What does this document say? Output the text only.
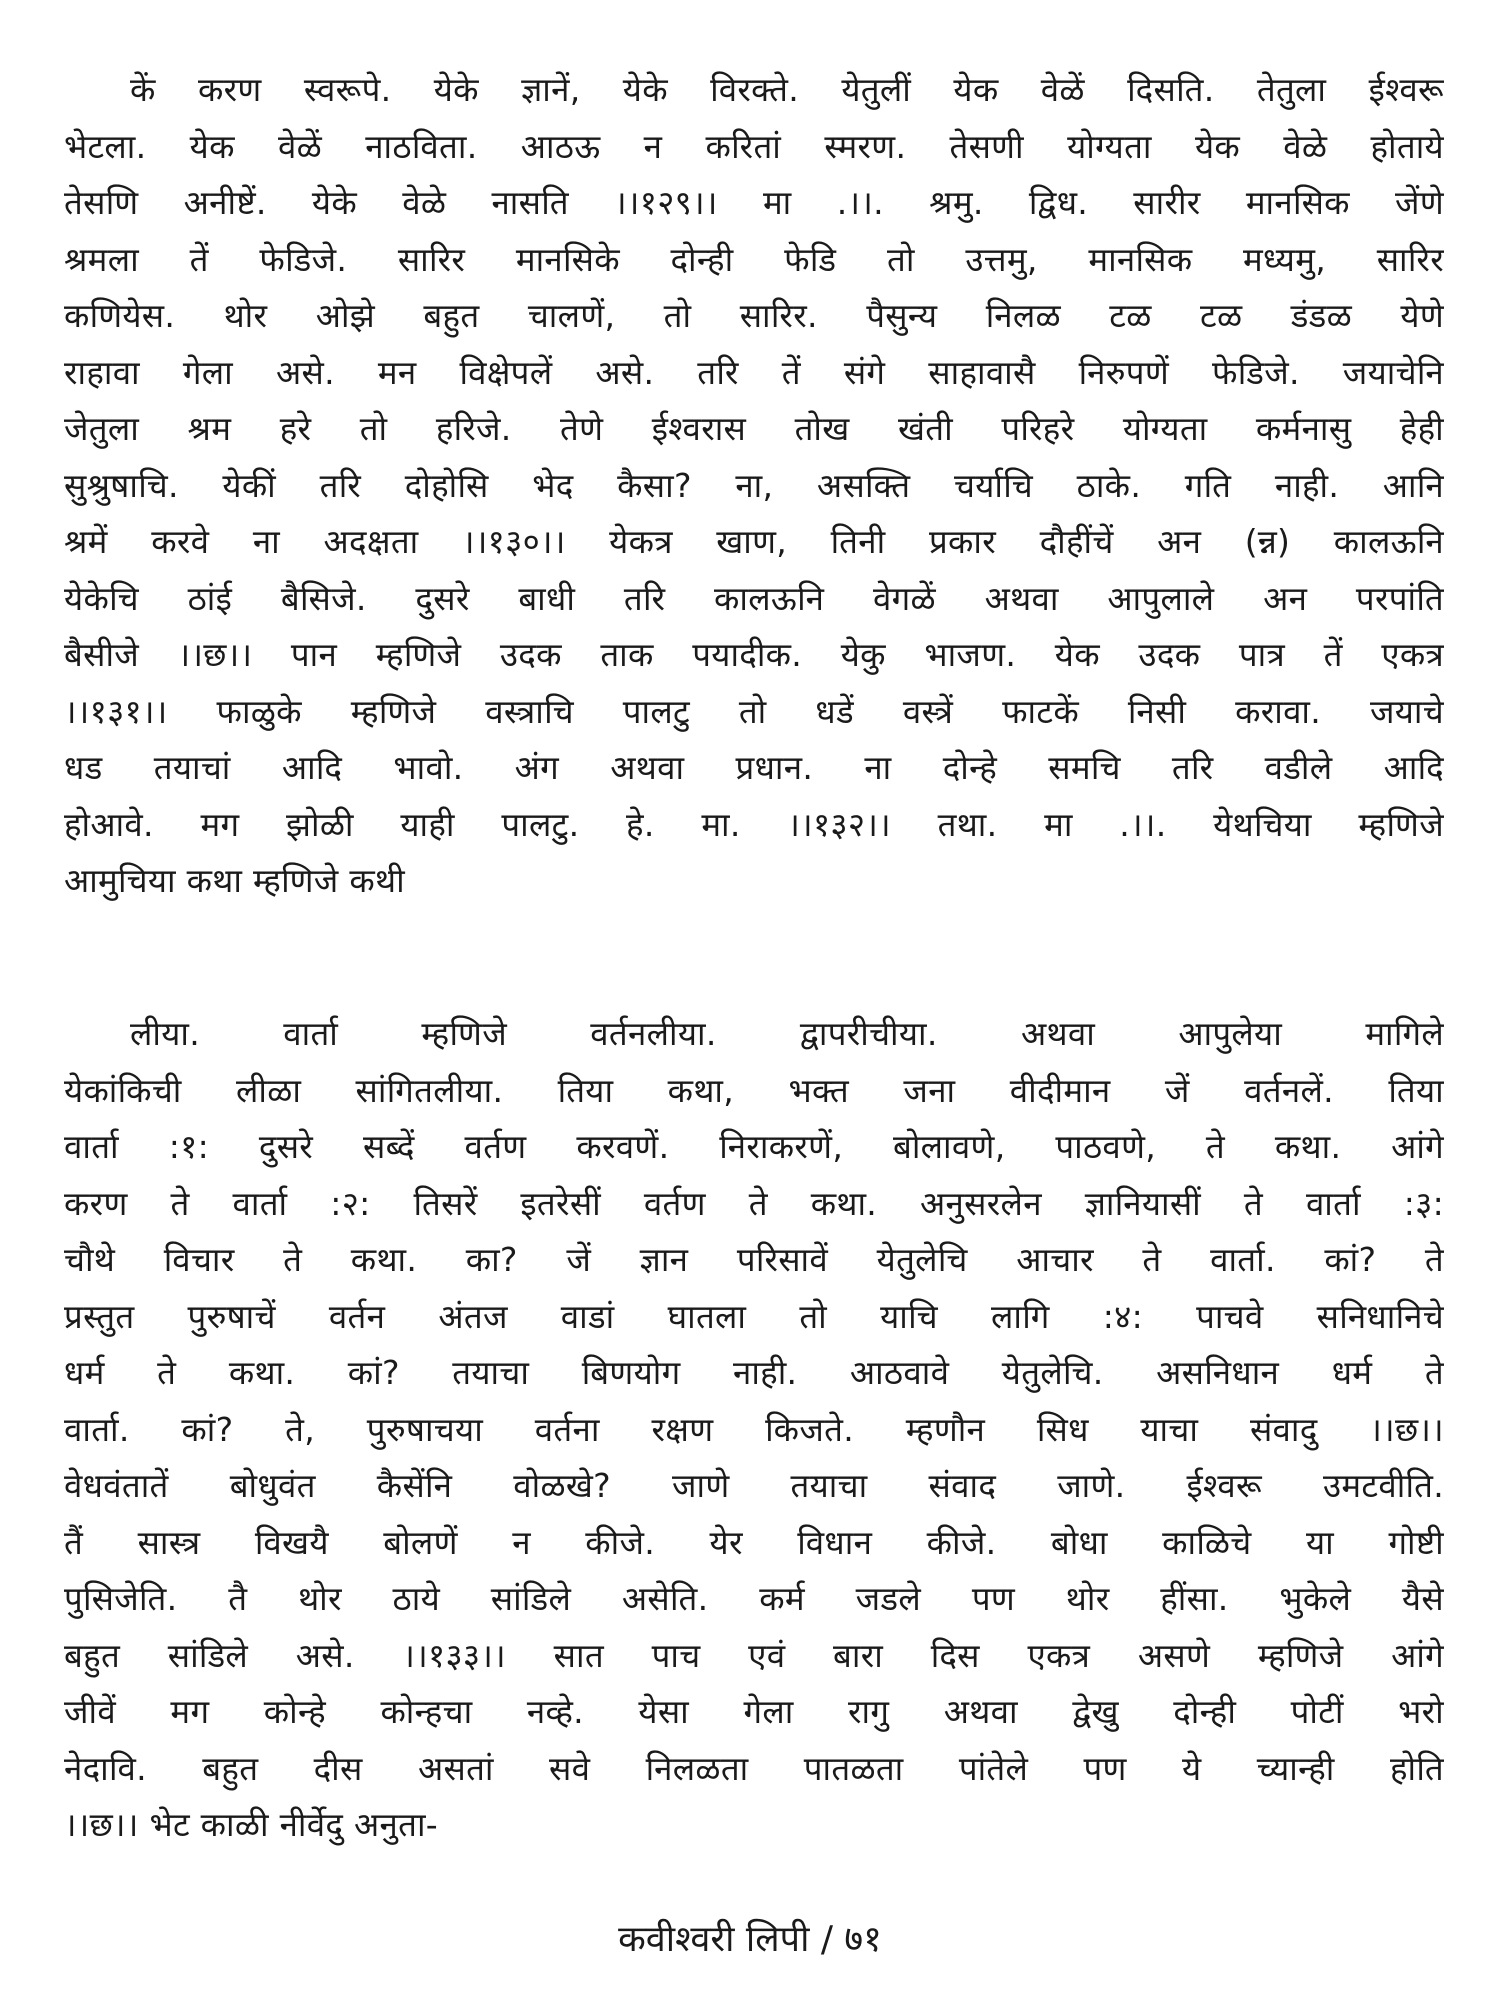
कें करण स्वरूपे. येके ज्ञानें, येके विरक्ते. येतुलीं येक वेळें दिसति. तेतुला ईश्वरू
भेटला. येक वेळें नाठविता. आठऊ न करितां स्मरण. तेसणी योग्यता येक वेळे होताये
तेसणि अनीष्टें. येके वेळे नासति ।।१२९।। मा .।।. श्रमु. द्विध. सारीर मानसिक जेंणे
श्रमला तें फेडिजे. सारिर मानसिके दोन्ही फेडि तो उत्तमु, मानसिक मध्यमु, सारिर
कणियेस. थोर ओझे बहुत चालणें, तो सारिर. पैसुन्य निलळ टळ टळ डंडळ येणे
राहावा गेला असे. मन विक्षेपलें असे. तरि तें संगे साहावासै निरुपणें फेडिजे. जयाचेनि
जेतुला श्रम हरे तो हरिजे. तेणे ईश्वरास तोख खंती परिहरे योग्यता कर्मनासु हेही
सुश्रुषाचि. येकीं तरि दोहोसि भेद कैसा? ना, असक्ति चर्याचि ठाके. गति नाही. आनि
श्रमें करवे ना अदक्षता ।।१३०।। येकत्र खाण, तिनी प्रकार दौहींचें अन (न्न) कालऊनि
येकेचि ठांई बैसिजे. दुसरे बाधी तरि कालऊनि वेगळें अथवा आपुलाले अन परपांति
बैसीजे ।।छ।। पान म्हणिजे उदक ताक पयादीक. येकु भाजण. येक उदक पात्र तें एकत्र
।।१३१।। फाळुके म्हणिजे वस्त्राचि पालटु तो धडें वस्त्रें फाटकें निसी करावा. जयाचे
धड तयाचां आदि भावो. अंग अथवा प्रधान. ना दोन्हे समचि तरि वडीले आदि
होआवे. मग झोळी याही पालटु. हे. मा. ।।१३२।। तथा. मा .।।. येथचिया म्हणिजे
आमुचिया कथा म्हणिजे कथी
लीया. वार्ता म्हणिजे वर्तनलीया. द्वापरीचीया. अथवा आपुलेया मागिले
येकांकिची लीळा सांगितलीया. तिया कथा, भक्त जना वीदीमान जें वर्तनलें. तिया
वार्ता :१: दुसरे सब्दें वर्तण करवणें. निराकरणें, बोलावणे, पाठवणे, ते कथा. आंगे
करण ते वार्ता :२: तिसरें इतरेसीं वर्तण ते कथा. अनुसरलेन ज्ञानियासीं ते वार्ता :३:
चौथे विचार ते कथा. का? जें ज्ञान परिसावें येतुलेचि आचार ते वार्ता. कां? ते
प्रस्तुत पुरुषाचें वर्तन अंतज वाडां घातला तो याचि लागि :४: पाचवे सनिधानिचे
धर्म ते कथा. कां? तयाचा बिणयोग नाही. आठवावे येतुलेचि. असनिधान धर्म ते
वार्ता. कां? ते, पुरुषाचया वर्तना रक्षण किजते. म्हणौन सिध याचा संवादु ।।छ।।
वेधवंतातें बोधुवंत कैसेंनि वोळखे? जाणे तयाचा संवाद जाणे. ईश्वरू उमटवीति.
तैं सास्त्र विखयै बोलणें न कीजे. येर विधान कीजे. बोधा काळिचे या गोष्टी
पुसिजेति. तै थोर ठाये सांडिले असेति. कर्म जडले पण थोर हींसा. भुकेले यैसे
बहुत सांडिले असे. ।।१३३।। सात पाच एवं बारा दिस एकत्र असणे म्हणिजे आंगे
जीवें मग कोन्हे कोन्हचा नव्हे. येसा गेला रागु अथवा द्वेखु दोन्ही पोटीं भरो
नेदावि. बहुत दीस असतां सवे निलळता पातळता पांतेले पण ये च्यान्ही होति
।।छ।। भेट काळी नीर्वेदु अनुता-
कवीश्वरी लिपी / ७१
